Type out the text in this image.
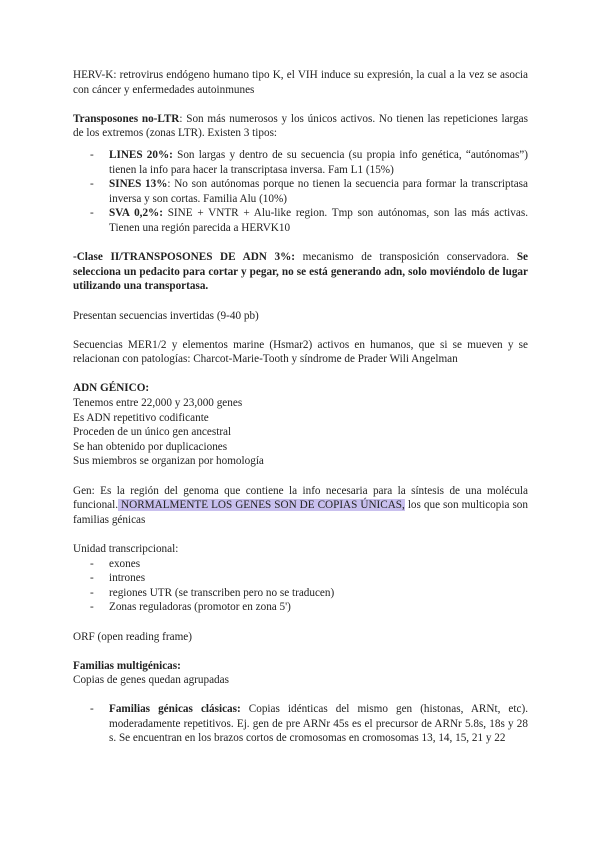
HERV-K: retrovirus endógeno humano tipo K, el VIH induce su expresión, la cual a la vez se asocia con cáncer y enfermedades autoinmunes

Transposones no-LTR: Son más numerosos y los únicos activos. No tienen las repeticiones largas de los extremos (zonas LTR). Existen 3 tipos:

- LINES 20%: Son largas y dentro de su secuencia (su propia info genética, “autónomas”) tienen la info para hacer la transcriptasa inversa. Fam L1 (15%)
- SINES 13%: No son autónomas porque no tienen la secuencia para formar la transcriptasa inversa y son cortas. Familia Alu (10%)
- SVA 0,2%: SINE + VNTR + Alu-like region. Tmp son autónomas, son las más activas. Tienen una región parecida a HERVK10

-Clase II/TRANSPOSONES DE ADN 3%: mecanismo de transposición conservadora. Se selecciona un pedacito para cortar y pegar, no se está generando adn, solo moviéndolo de lugar utilizando una transportasa.

Presentan secuencias invertidas (9-40 pb)

Secuencias MER1/2 y elementos marine (Hsmar2) activos en humanos, que si se mueven y se relacionan con patologías: Charcot-Marie-Tooth y síndrome de Prader Wili Angelman

ADN GÉNICO:

Tenemos entre 22,000 y 23,000 genes

Es ADN repetitivo codificante

Proceden de un único gen ancestral

Se han obtenido por duplicaciones

Sus miembros se organizan por homología

Gen: Es la región del genoma que contiene la info necesaria para la síntesis de una molécula funcional. NORMALMENTE LOS GENES SON DE COPIAS ÚNICAS, los que son multicopia son familias génicas

Unidad transcripcional:

- exones
- intrones
- regiones UTR (se transcriben pero no se traducen)
- Zonas reguladoras (promotor en zona 5')

ORF (open reading frame)

Familias multigénicas:

Copias de genes quedan agrupadas

- Familias génicas clásicas: Copias idénticas del mismo gen (histonas, ARNt, etc). moderadamente repetitivos. Ej. gen de pre ARNr 45s es el precursor de ARNr 5.8s, 18s y 28 s. Se encuentran en los brazos cortos de cromosomas en cromosomas 13, 14, 15, 21 y 22
